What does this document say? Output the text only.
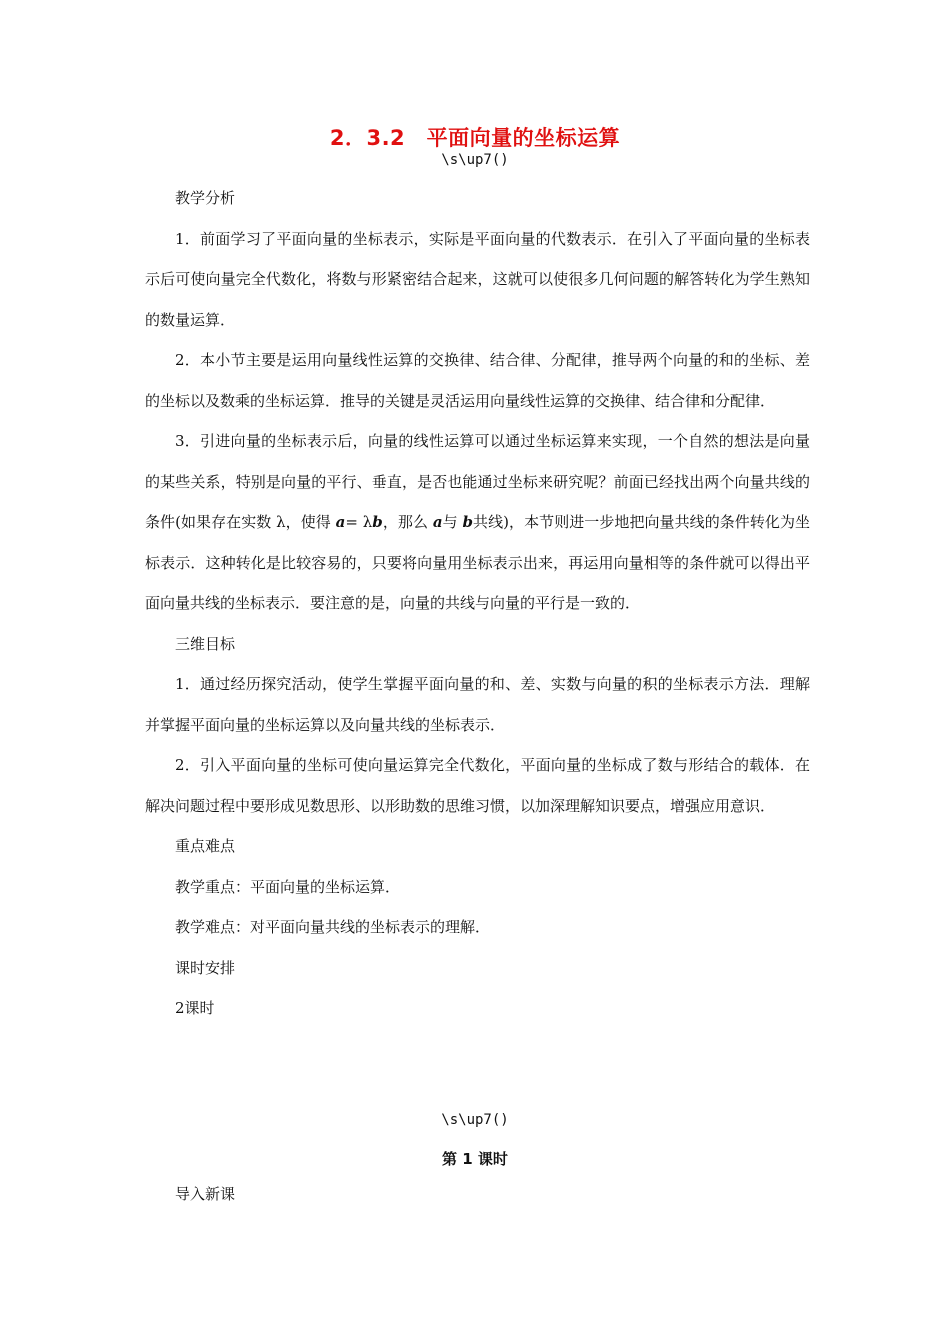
2．3.2　平面向量的坐标运算
\s\up7()

教学分析

1．前面学习了平面向量的坐标表示，实际是平面向量的代数表示．在引入了平面向量的坐标表示后可使向量完全代数化，将数与形紧密结合起来，这就可以使很多几何问题的解答转化为学生熟知的数量运算．

2．本小节主要是运用向量线性运算的交换律、结合律、分配律，推导两个向量的和的坐标、差的坐标以及数乘的坐标运算．推导的关键是灵活运用向量线性运算的交换律、结合律和分配律．

3．引进向量的坐标表示后，向量的线性运算可以通过坐标运算来实现，一个自然的想法是向量的某些关系，特别是向量的平行、垂直，是否也能通过坐标来研究呢？前面已经找出两个向量共线的条件(如果存在实数 λ，使得 a= λb，那么 a与 b共线)，本节则进一步地把向量共线的条件转化为坐标表示．这种转化是比较容易的，只要将向量用坐标表示出来，再运用向量相等的条件就可以得出平面向量共线的坐标表示．要注意的是，向量的共线与向量的平行是一致的．

三维目标

1．通过经历探究活动，使学生掌握平面向量的和、差、实数与向量的积的坐标表示方法．理解并掌握平面向量的坐标运算以及向量共线的坐标表示．

2．引入平面向量的坐标可使向量运算完全代数化，平面向量的坐标成了数与形结合的载体．在解决问题过程中要形成见数思形、以形助数的思维习惯，以加深理解知识要点，增强应用意识．

重点难点

教学重点：平面向量的坐标运算．

教学难点：对平面向量共线的坐标表示的理解．

课时安排

2课时

\s\up7()
第 1 课时

导入新课
